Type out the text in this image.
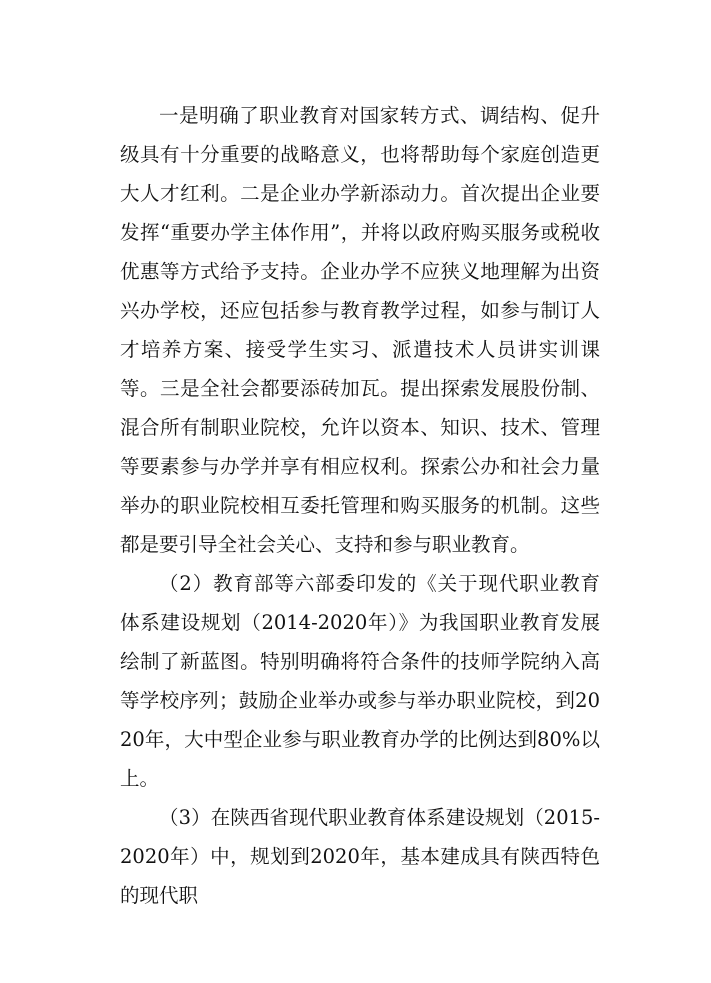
一是明确了职业教育对国家转方式、调结构、促升级具有十分重要的战略意义，也将帮助每个家庭创造更大人才红利。二是企业办学新添动力。首次提出企业要发挥“重要办学主体作用”，并将以政府购买服务或税收优惠等方式给予支持。企业办学不应狭义地理解为出资兴办学校，还应包括参与教育教学过程，如参与制订人才培养方案、接受学生实习、派遣技术人员讲实训课等。三是全社会都要添砖加瓦。提出探索发展股份制、混合所有制职业院校，允许以资本、知识、技术、管理等要素参与办学并享有相应权利。探索公办和社会力量举办的职业院校相互委托管理和购买服务的机制。这些都是要引导全社会关心、支持和参与职业教育。

（2）教育部等六部委印发的《关于现代职业教育体系建设规划（2014-2020年）》为我国职业教育发展绘制了新蓝图。特别明确将符合条件的技师学院纳入高等学校序列；鼓励企业举办或参与举办职业院校，到2020年，大中型企业参与职业教育办学的比例达到80%以上。

（3）在陕西省现代职业教育体系建设规划（2015-2020年）中，规划到2020年，基本建成具有陕西特色的现代职
